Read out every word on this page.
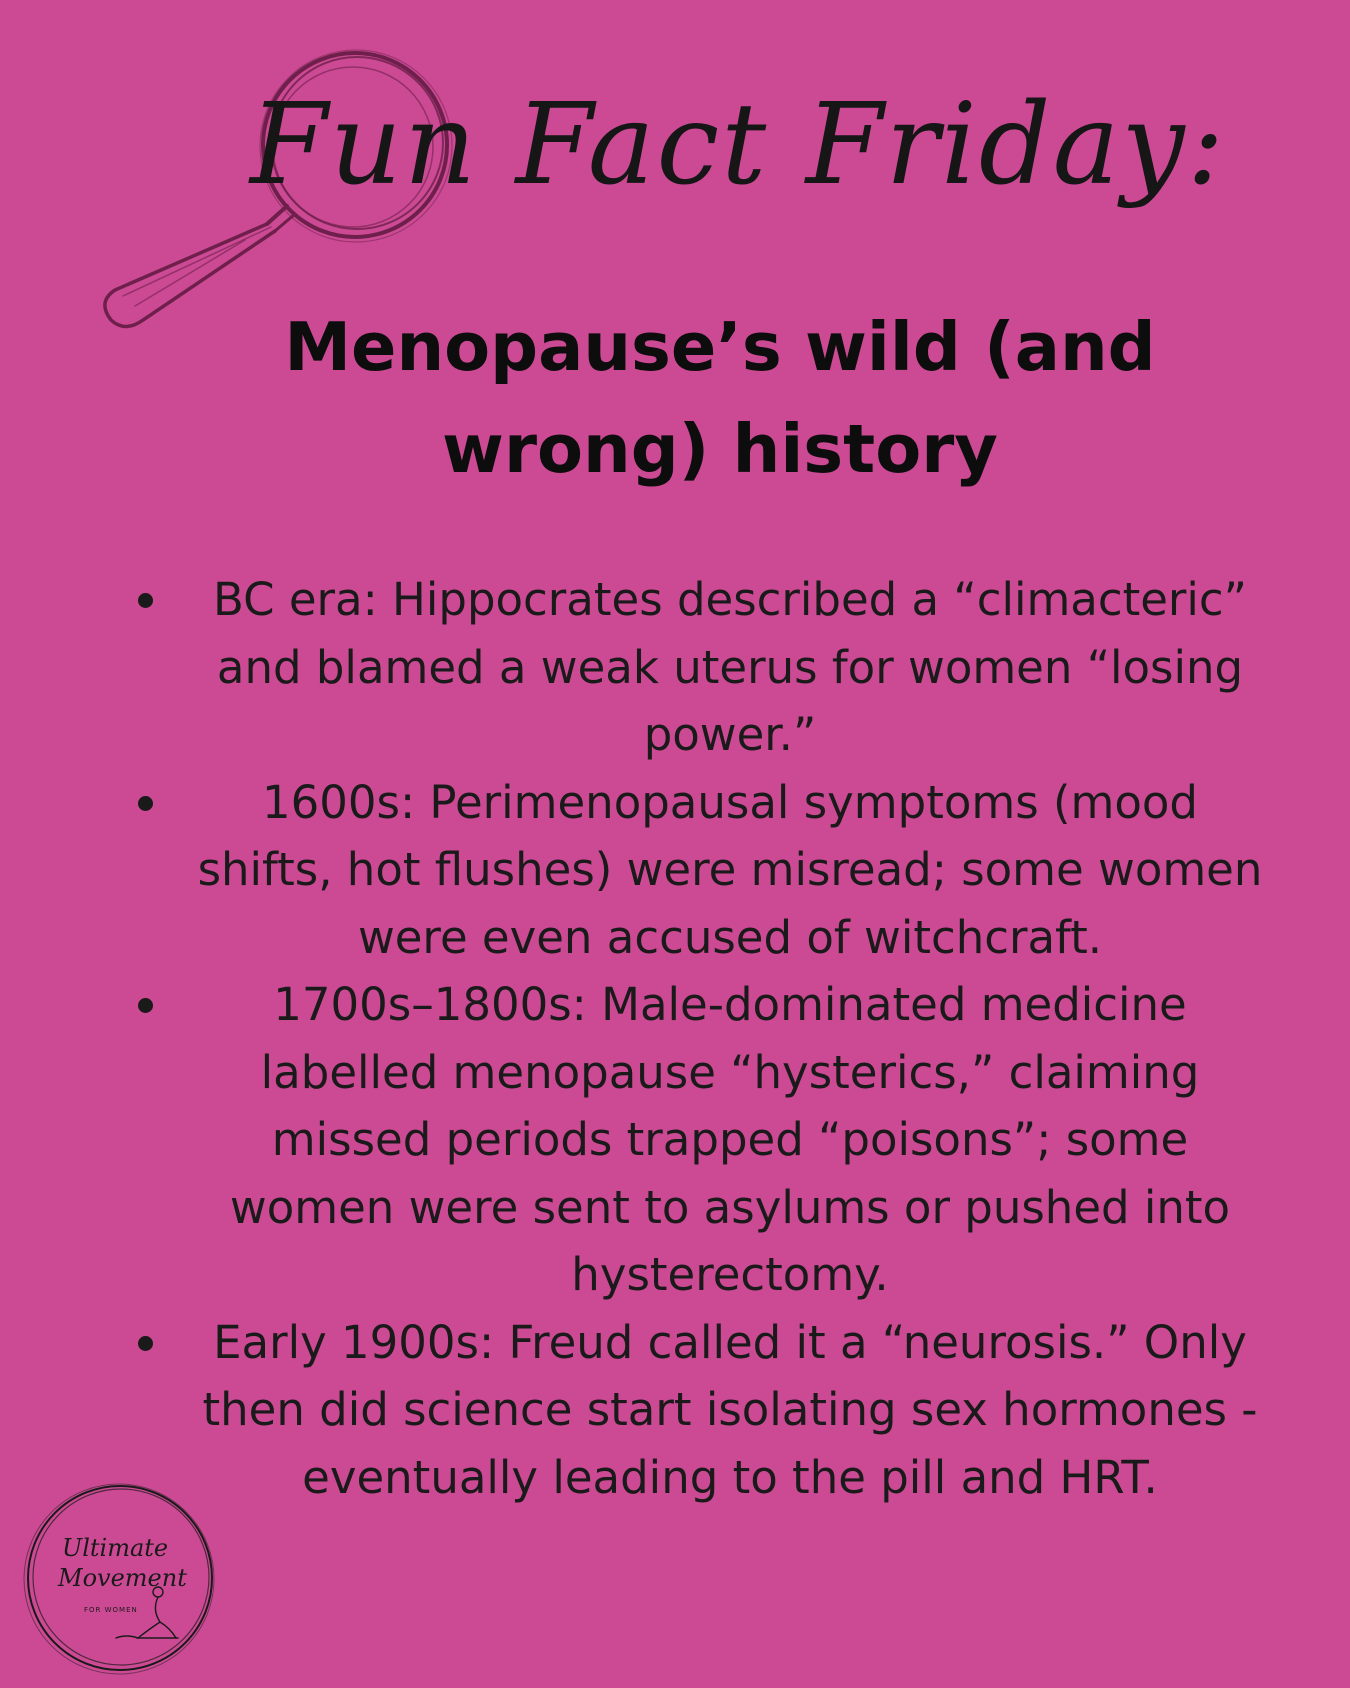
Fun Fact Friday:
Menopause’s wild (and
wrong) history
BC era: Hippocrates described a “climacteric” and blamed a weak uterus for women “losing power.”
1600s: Perimenopausal symptoms (mood shifts, hot flushes) were misread; some women were even accused of witchcraft.
1700s–1800s: Male-dominated medicine labelled menopause “hysterics,” claiming missed periods trapped “poisons”; some women were sent to asylums or pushed into hysterectomy.
Early 1900s: Freud called it a “neurosis.” Only then did science start isolating sex hormones - eventually leading to the pill and HRT.
Ultimate
Movement
FOR WOMEN
